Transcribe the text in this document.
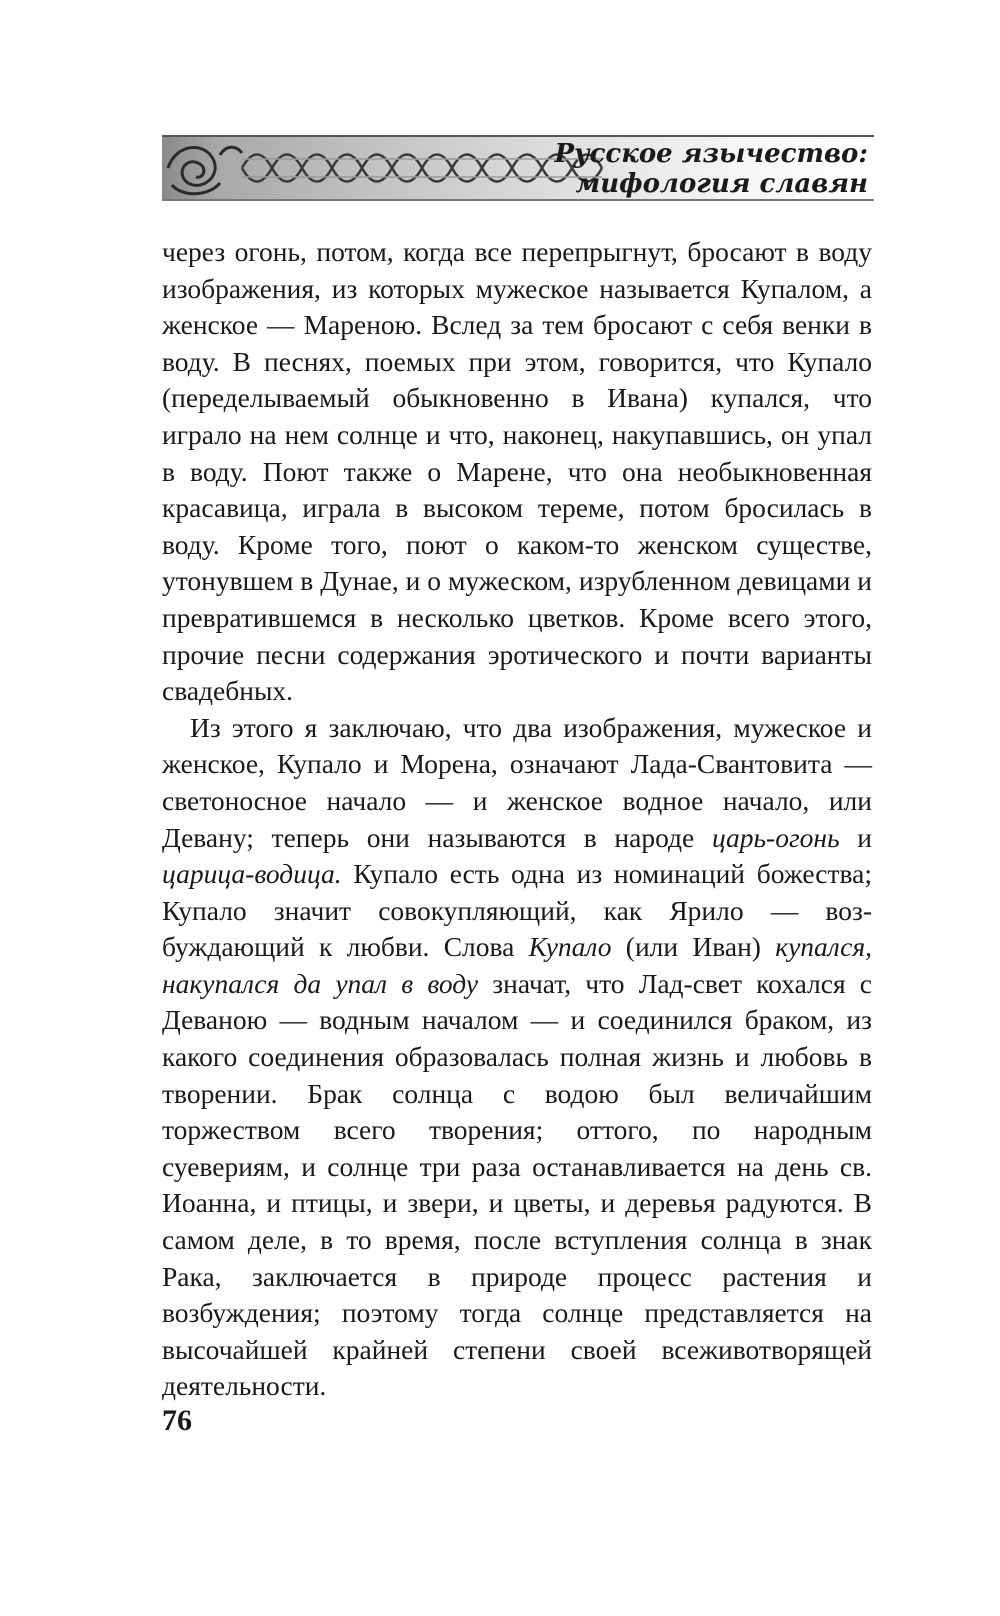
Русское язычество:
мифология славян

через огонь, потом, когда все перепрыгнут, бросают в воду изображения, из которых мужеское называется Купалом, а женское — Мареною. Вслед за тем бросают с себя венки в воду. В песнях, поемых при этом, говорится, что Купало (переделываемый обыкновенно в Ивана) купался, что играло на нем солнце и что, наконец, накупавшись, он упал в воду. Поют также о Марене, что она необыкновенная красавица, играла в высоком тереме, потом бросилась в воду. Кроме того, поют о каком-то женском существе, утонувшем в Дунае, и о мужеском, изрубленном девицами и превратившемся в несколько цветков. Кроме всего этого, прочие песни содержания эротического и почти варианты свадебных.

Из этого я заключаю, что два изображения, мужеское и женское, Купало и Морена, означают Лада-Свантовита — светоносное начало — и женское водное начало, или Девану; теперь они называются в народе царь-огонь и царица-водица. Купало есть одна из номинаций божества; Купало значит совокупляющий, как Ярило — возбуждающий к любви. Слова Купало (или Иван) купался, накупался да упал в воду значат, что Лад-свет кохался с Деваною — водным началом — и соединился браком, из какого соединения образовалась полная жизнь и любовь в творении. Брак солнца с водою был величайшим торжеством всего творения; оттого, по народным суевериям, и солнце три раза останавливается на день св. Иоанна, и птицы, и звери, и цветы, и деревья радуются. В самом деле, в то время, после вступления солнца в знак Рака, заключается в природе процесс растения и возбуждения; поэтому тогда солнце представляется на высочайшей крайней степени своей всеживотворящей деятельности.

76
